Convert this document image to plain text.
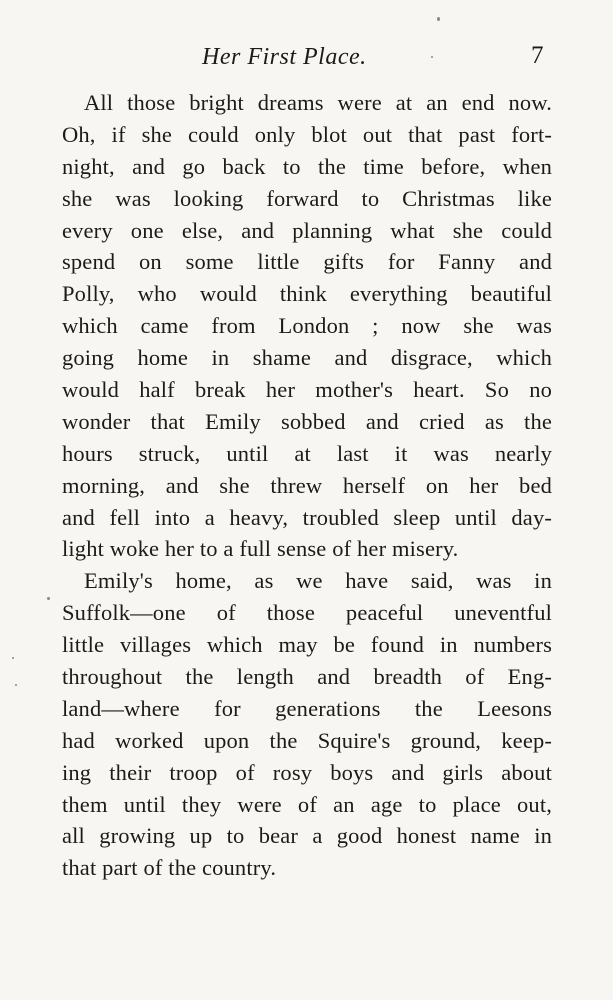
Her First Place.	7
All those bright dreams were at an end now.
Oh, if she could only blot out that past fort-
night, and go back to the time before, when
she was looking forward to Christmas like
every one else, and planning what she could
spend on some little gifts for Fanny and
Polly, who would think everything beautiful
which came from London ; now she was
going home in shame and disgrace, which
would half break her mother's heart. So no
wonder that Emily sobbed and cried as the
hours struck, until at last it was nearly
morning, and she threw herself on her bed
and fell into a heavy, troubled sleep until day-
light woke her to a full sense of her misery.
Emily's home, as we have said, was in
Suffolk—one of those peaceful uneventful
little villages which may be found in numbers
throughout the length and breadth of Eng-
land—where for generations the Leesons
had worked upon the Squire's ground, keep-
ing their troop of rosy boys and girls about
them until they were of an age to place out,
all growing up to bear a good honest name in
that part of the country.
